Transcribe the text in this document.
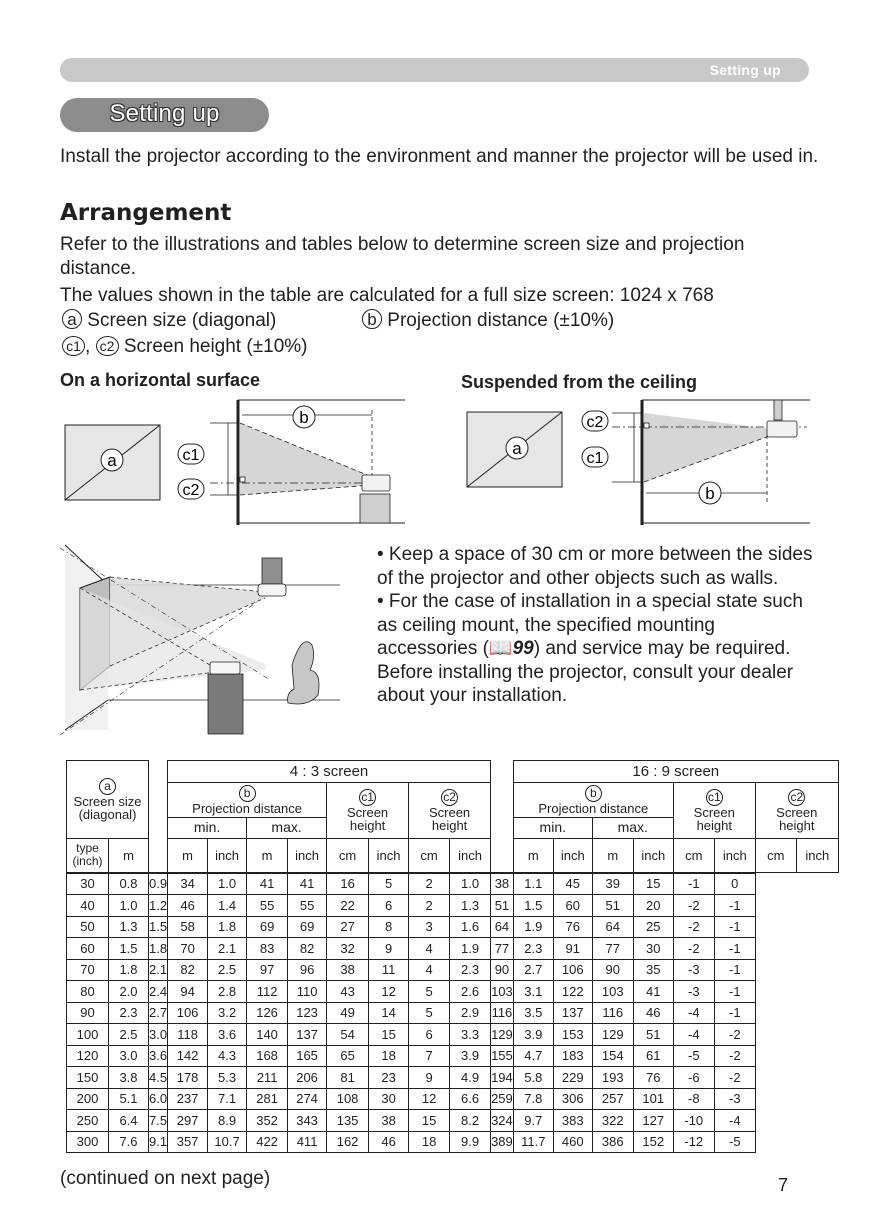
Setting up
Setting up
Install the projector according to the environment and manner the projector will be used in.
Arrangement
Refer to the illustrations and tables below to determine screen size and projection distance.
The values shown in the table are calculated for a full size screen: 1024 x 768
a Screen size (diagonal)	b Projection distance (±10%)
c1 , c2 Screen height (±10%)
On a horizontal surface	Suspended from the ceiling
a
b
c1
c2
a
b
c2
c1

• Keep a space of 30 cm or more between the sides of the projector and other objects such as walls.

• For the case of installation in a special state such as ceiling mount, the specified mounting accessories (📖99) and service may be required. Before installing the projector, consult your dealer about your installation.

a
Screen size
(diagonal)			4 : 3 screen									16 : 9 screen							
			b
Projection distance				c1
Screen
height		c2
Screen
height			b
Projection distance				c1
Screen
height		c2
Screen
height	
			min.		max.							min.		max.					
type (inch)	m		m	inch	m	inch	cm	inch	cm	inch		m	inch	m	inch	cm	inch	cm	inch
30	0.8	0.9	34	1.0	41	41	16	5	2	1.0	38	1.1	45	39	15	-1	0		
40	1.0	1.2	46	1.4	55	55	22	6	2	1.3	51	1.5	60	51	20	-2	-1		
50	1.3	1.5	58	1.8	69	69	27	8	3	1.6	64	1.9	76	64	25	-2	-1		
60	1.5	1.8	70	2.1	83	82	32	9	4	1.9	77	2.3	91	77	30	-2	-1		
70	1.8	2.1	82	2.5	97	96	38	11	4	2.3	90	2.7	106	90	35	-3	-1		
80	2.0	2.4	94	2.8	112	110	43	12	5	2.6	103	3.1	122	103	41	-3	-1		
90	2.3	2.7	106	3.2	126	123	49	14	5	2.9	116	3.5	137	116	46	-4	-1		
100	2.5	3.0	118	3.6	140	137	54	15	6	3.3	129	3.9	153	129	51	-4	-2		
120	3.0	3.6	142	4.3	168	165	65	18	7	3.9	155	4.7	183	154	61	-5	-2		
150	3.8	4.5	178	5.3	211	206	81	23	9	4.9	194	5.8	229	193	76	-6	-2		
200	5.1	6.0	237	7.1	281	274	108	30	12	6.6	259	7.8	306	257	101	-8	-3		
250	6.4	7.5	297	8.9	352	343	135	38	15	8.2	324	9.7	383	322	127	-10	-4		
300	7.6	9.1	357	10.7	422	411	162	46	18	9.9	389	11.7	460	386	152	-12	-5		
(continued on next page)	7
